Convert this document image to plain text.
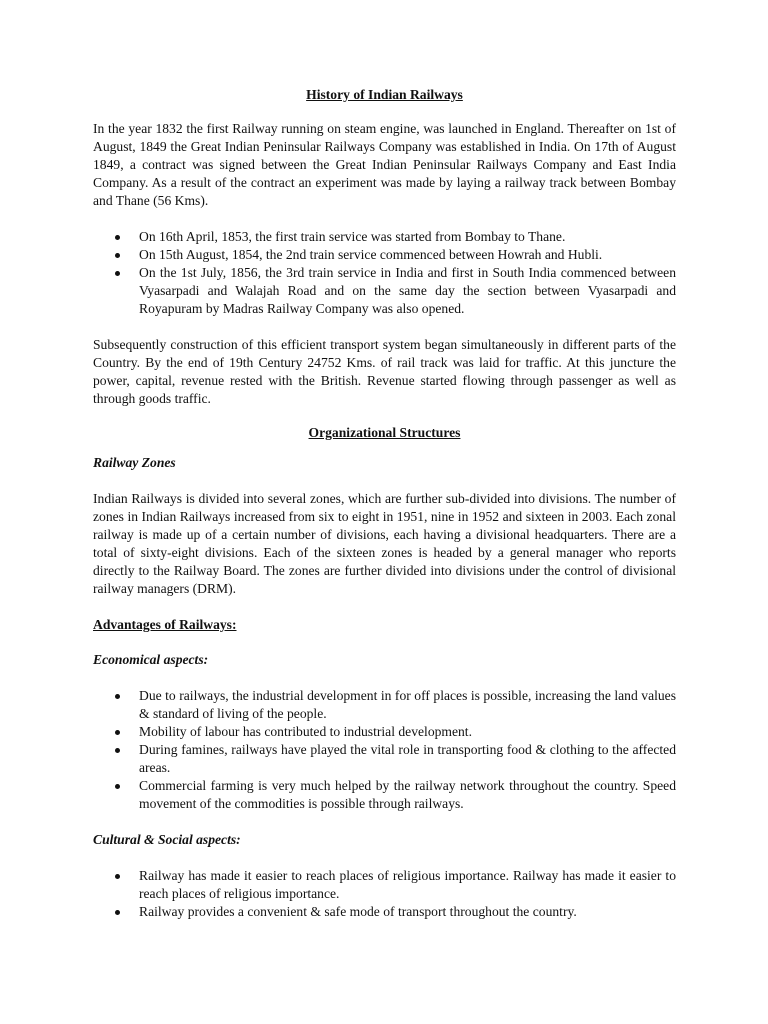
History of Indian Railways

In the year 1832 the first Railway running on steam engine, was launched in England. Thereafter on 1st of August, 1849 the Great Indian Peninsular Railways Company was established in India. On 17th of August 1849, a contract was signed between the Great Indian Peninsular Railways Company and East India Company. As a result of the contract an experiment was made by laying a railway track between Bombay and Thane (56 Kms).

On 16th April, 1853, the first train service was started from Bombay to Thane.
On 15th August, 1854, the 2nd train service commenced between Howrah and Hubli.
On the 1st July, 1856, the 3rd train service in India and first in South India commenced between Vyasarpadi and Walajah Road and on the same day the section between Vyasarpadi and Royapuram by Madras Railway Company was also opened.

Subsequently construction of this efficient transport system began simultaneously in different parts of the Country. By the end of 19th Century 24752 Kms. of rail track was laid for traffic. At this juncture the power, capital, revenue rested with the British. Revenue started flowing through passenger as well as through goods traffic.

Organizational Structures
Railway Zones

Indian Railways is divided into several zones, which are further sub-divided into divisions. The number of zones in Indian Railways increased from six to eight in 1951, nine in 1952 and sixteen in 2003. Each zonal railway is made up of a certain number of divisions, each having a divisional headquarters. There are a total of sixty-eight divisions. Each of the sixteen zones is headed by a general manager who reports directly to the Railway Board. The zones are further divided into divisions under the control of divisional railway managers (DRM).

Advantages of Railways:
Economical aspects:
Due to railways, the industrial development in for off places is possible, increasing the land values & standard of living of the people.
Mobility of labour has contributed to industrial development.
During famines, railways have played the vital role in transporting food & clothing to the affected areas.
Commercial farming is very much helped by the railway network throughout the country. Speed movement of the commodities is possible through railways.
Cultural & Social aspects:
Railway has made it easier to reach places of religious importance. Railway has made it easier to reach places of religious importance.
Railway provides a convenient & safe mode of transport throughout the country.
